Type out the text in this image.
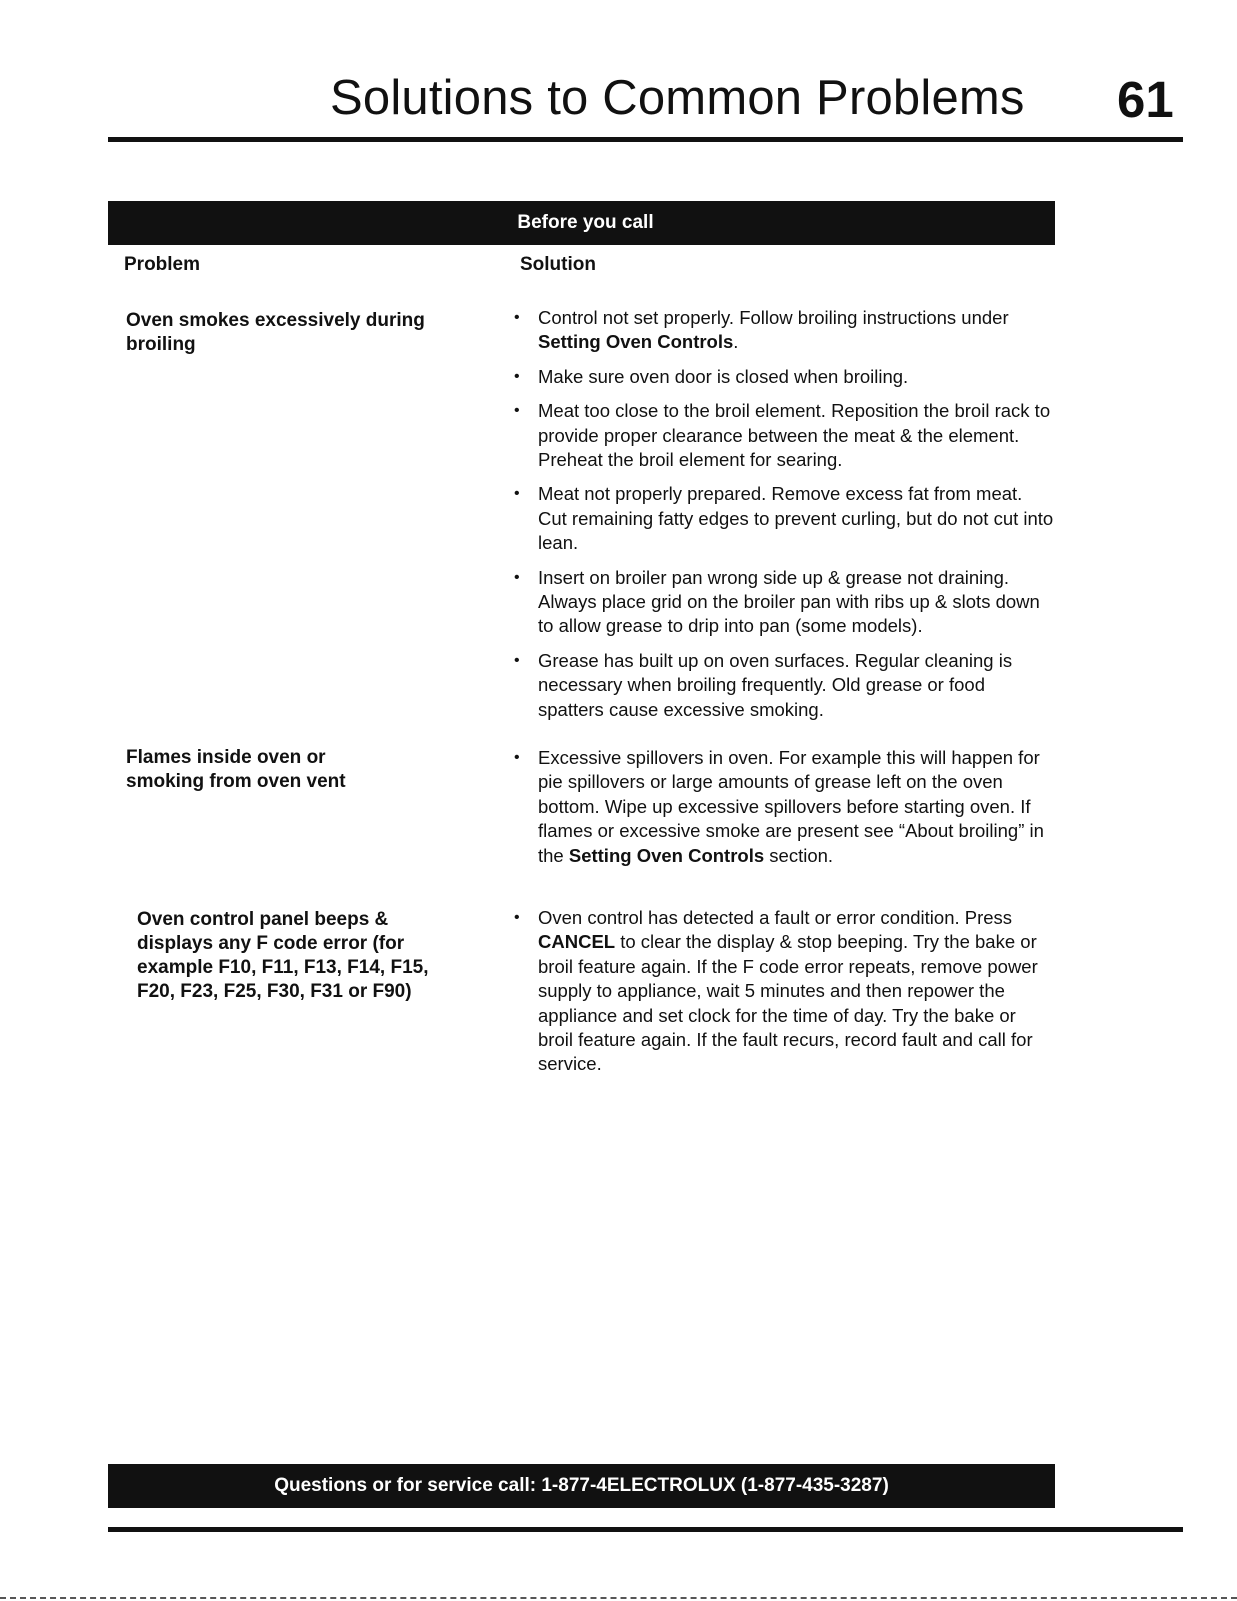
Solutions to Common Problems 61
Before you call
Problem	Solution
Oven smokes excessively during broiling
• Control not set properly. Follow broiling instructions under Setting Oven Controls.
• Make sure oven door is closed when broiling.
• Meat too close to the broil element. Reposition the broil rack to provide proper clearance between the meat & the element. Preheat the broil element for searing.
• Meat not properly prepared. Remove excess fat from meat. Cut remaining fatty edges to prevent curling, but do not cut into lean.
• Insert on broiler pan wrong side up & grease not draining. Always place grid on the broiler pan with ribs up & slots down to allow grease to drip into pan (some models).
• Grease has built up on oven surfaces. Regular cleaning is necessary when broiling frequently. Old grease or food spatters cause excessive smoking.
Flames inside oven or smoking from oven vent
• Excessive spillovers in oven. For example this will happen for pie spillovers or large amounts of grease left on the oven bottom. Wipe up excessive spillovers before starting oven. If flames or excessive smoke are present see “About broiling” in the Setting Oven Controls section.
Oven control panel beeps & displays any F code error (for example F10, F11, F13, F14, F15, F20, F23, F25, F30, F31 or F90)
• Oven control has detected a fault or error condition. Press CANCEL to clear the display & stop beeping. Try the bake or broil feature again. If the F code error repeats, remove power supply to appliance, wait 5 minutes and then repower the appliance and set clock for the time of day. Try the bake or broil feature again. If the fault recurs, record fault and call for service.
Questions or for service call: 1-877-4ELECTROLUX (1-877-435-3287)
